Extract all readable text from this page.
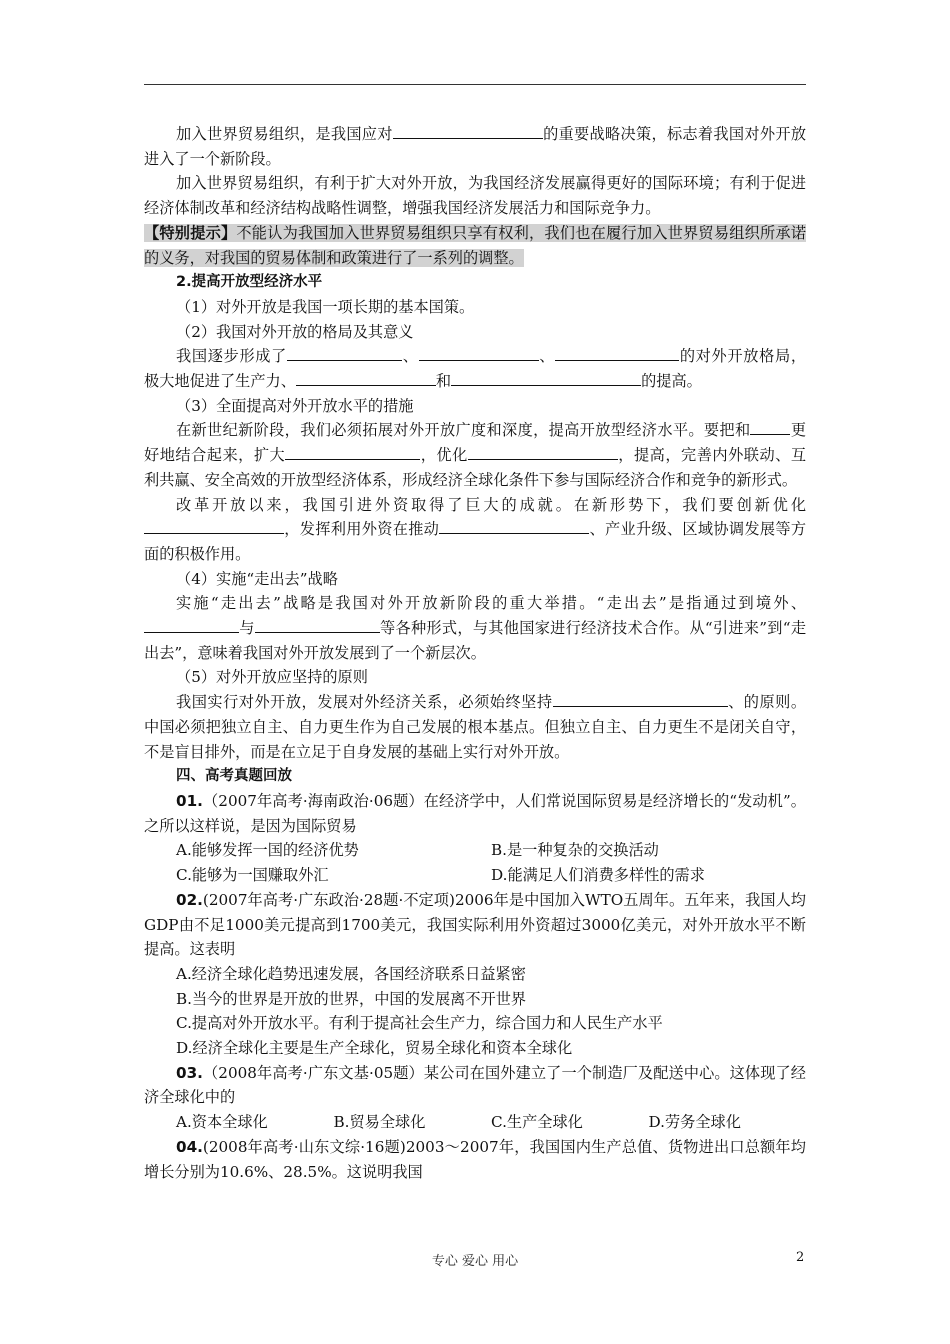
加入世界贸易组织，是我国应对	的重要战略决策，标志着我国对外开放进入了一个新阶段。

加入世界贸易组织，有利于扩大对外开放，为我国经济发展赢得更好的国际环境；有利于促进经济体制改革和经济结构战略性调整，增强我国经济发展活力和国际竞争力。

【特别提示】不能认为我国加入世界贸易组织只享有权利，我们也在履行加入世界贸易组织所承诺的义务，对我国的贸易体制和政策进行了一系列的调整。

2.提高开放型经济水平

（1）对外开放是我国一项长期的基本国策。

（2）我国对外开放的格局及其意义

我国逐步形成了	、	、	的对外开放格局，极大地促进了生产力、	和	的提高。

（3）全面提高对外开放水平的措施

在新世纪新阶段，我们必须拓展对外开放广度和深度，提高开放型经济水平。要把和	更好地结合起来，扩大	，优化	，提高，完善内外联动、互利共赢、安全高效的开放型经济体系，形成经济全球化条件下参与国际经济合作和竞争的新形式。

改革开放以来，我国引进外资取得了巨大的成就。在新形势下，我们要创新优化，发挥利用外资在推动	、产业升级、区域协调发展等方面的积极作用。

（4）实施“走出去”战略

实施“走出去”战略是我国对外开放新阶段的重大举措。“走出去”是指通过到境外、与	等各种形式，与其他国家进行经济技术合作。从“引进来”到“走出去”，意味着我国对外开放发展到了一个新层次。

（5）对外开放应坚持的原则

我国实行对外开放，发展对外经济关系，必须始终坚持	、的原则。中国必须把独立自主、自力更生作为自己发展的根本基点。但独立自主、自力更生不是闭关自守，不是盲目排外，而是在立足于自身发展的基础上实行对外开放。

四、高考真题回放

01.（2007年高考·海南政治·06题）在经济学中，人们常说国际贸易是经济增长的“发动机”。之所以这样说，是因为国际贸易

A.能够发挥一国的经济优势	B.是一种复杂的交换活动
C.能够为一国赚取外汇	D.能满足人们消费多样性的需求

02.(2007年高考·广东政治·28题·不定项)2006年是中国加入WTO五周年。五年来，我国人均GDP由不足1000美元提高到1700美元，我国实际利用外资超过3000亿美元，对外开放水平不断提高。这表明

A.经济全球化趋势迅速发展，各国经济联系日益紧密

B.当今的世界是开放的世界，中国的发展离不开世界

C.提高对外开放水平。有利于提高社会生产力，综合国力和人民生产水平

D.经济全球化主要是生产全球化，贸易全球化和资本全球化

03.（2008年高考·广东文基·05题）某公司在国外建立了一个制造厂及配送中心。这体现了经济全球化中的

A.资本全球化	B.贸易全球化	C.生产全球化	D.劳务全球化

04.(2008年高考·山东文综·16题)2003～2007年，我国国内生产总值、货物进出口总额年均增长分别为10.6%、28.5%。这说明我国

专心 爱心 用心	2
